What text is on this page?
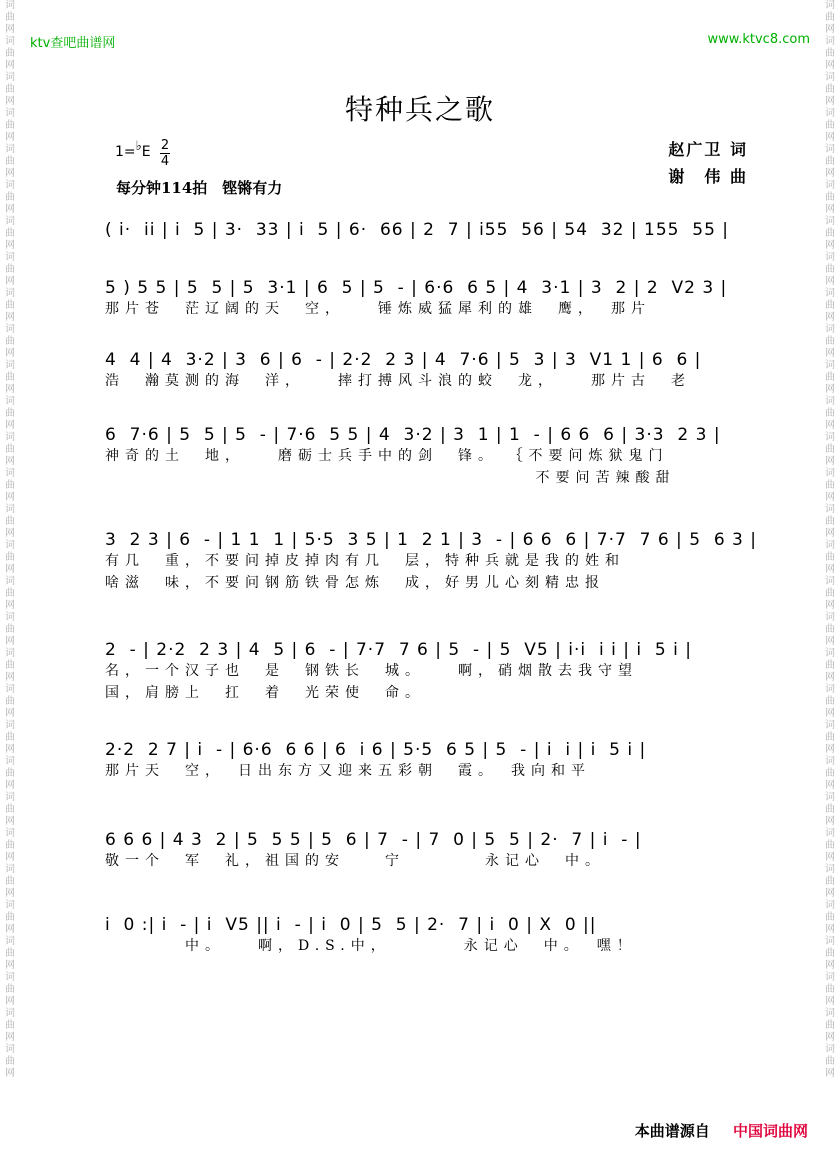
词曲网词曲网词曲网词曲网词曲网词曲网词曲网词曲网词曲网词曲网词曲网词曲网词曲网词曲网词曲网词曲网词曲网词曲网词曲网词曲网词曲网词曲网词曲网词曲网词曲网词曲网词曲网词曲网词曲网词曲网
词曲网词曲网词曲网词曲网词曲网词曲网词曲网词曲网词曲网词曲网词曲网词曲网词曲网词曲网词曲网词曲网词曲网词曲网词曲网词曲网词曲网词曲网词曲网词曲网词曲网词曲网词曲网词曲网词曲网词曲网
ktv查吧曲谱网	www.ktvc8.com
特种兵之歌
1=♭E 2
4
每分钟114拍　铿锵有力
赵广卫 词
谢　伟 曲
( i·  ii | i  5 | 3·  33 | i  5 | 6·  66 | 2  7 | i55  56 | 54  32 | 155  55 |
5 ) 5 5 | 5  5 | 5  3·1 | 6  5 | 5  - | 6·6  6 5 | 4  3·1 | 3  2 | 2  V2 3 |
那片苍　茫辽阔的天　空，　　锤炼威猛犀利的雄　鹰，　那片
4  4 | 4  3·2 | 3  6 | 6  - | 2·2  2 3 | 4  7·6 | 5  3 | 3  V1 1 | 6  6 |
浩　瀚莫测的海　洋，　　摔打搏风斗浪的蛟　龙，　　那片古　老
6  7·6 | 5  5 | 5  - | 7·6  5 5 | 4  3·2 | 3  1 | 1  - | 6 6  6 | 3·3  2 3 |
神奇的土　地，　　磨砺士兵手中的剑　锋。 ｛不要问炼狱鬼门
　　　　　　　　　　　　　　　　　　　　　 不要问苦辣酸甜
3  2 3 | 6  - | 1 1  1 | 5·5  3 5 | 1  2 1 | 3  - | 6 6  6 | 7·7  7 6 | 5  6 3 |
有几　重，不要问掉皮掉肉有几　层，特种兵就是我的姓和
啥滋　味，不要问钢筋铁骨怎炼　成，好男儿心刻精忠报
2  - | 2·2  2 3 | 4  5 | 6  - | 7·7  7 6 | 5  - | 5  V5 | i·i  i i | i  5 i |
名，一个汉子也　是　钢铁长　城。　　啊，硝烟散去我守望
国，肩膀上　扛　着　光荣使　命。
2·2  2 7 | i  - | 6·6  6 6 | 6  i 6 | 5·5  6 5 | 5  - | i  i | i  5 i |
那片天　空，　日出东方又迎来五彩朝　霞。　我向和平
6 6 6 | 4 3  2 | 5  5 5 | 5  6 | 7  - | 7  0 | 5  5 | 2·  7 | i  - |
敬一个　军　礼，祖国的安　　宁　　　　永记心　中。
i  0 :| i  - | i  V5 || i  - | i  0 | 5  5 | 2·  7 | i  0 | X  0 ||
　　　　中。　　啊，D.S.中，　　　　永记心　中。　嘿！
本曲谱源自 中国词曲网
